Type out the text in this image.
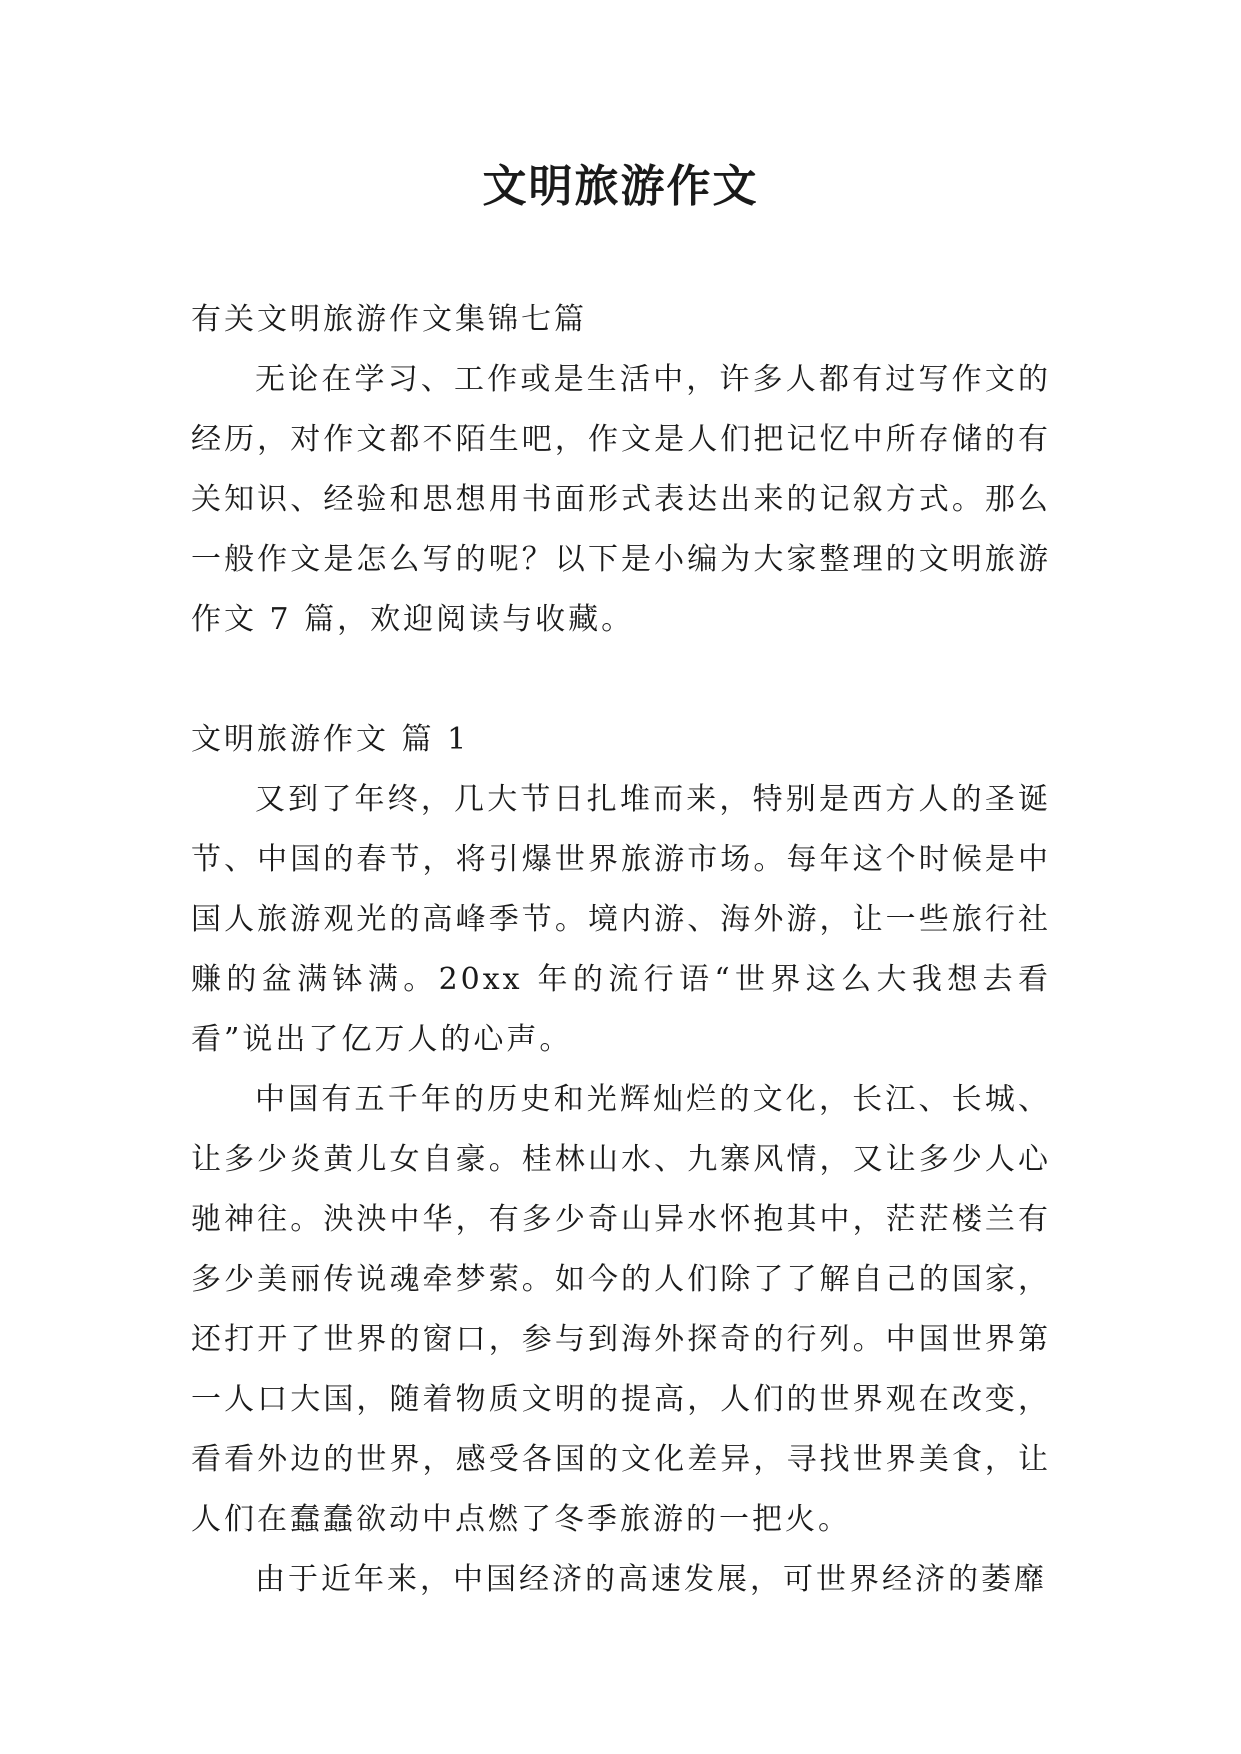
文明旅游作文

有关文明旅游作文集锦七篇

无论在学习、工作或是生活中，许多人都有过写作文的经历，对作文都不陌生吧，作文是人们把记忆中所存储的有关知识、经验和思想用书面形式表达出来的记叙方式。那么一般作文是怎么写的呢？以下是小编为大家整理的文明旅游作文 7 篇，欢迎阅读与收藏。

文明旅游作文 篇 1

又到了年终，几大节日扎堆而来，特别是西方人的圣诞节、中国的春节，将引爆世界旅游市场。每年这个时候是中国人旅游观光的高峰季节。境内游、海外游，让一些旅行社赚的盆满钵满。20xx 年的流行语“世界这么大我想去看看”说出了亿万人的心声。

中国有五千年的历史和光辉灿烂的文化，长江、长城、让多少炎黄儿女自豪。桂林山水、九寨风情，又让多少人心驰神往。泱泱中华，有多少奇山异水怀抱其中，茫茫楼兰有多少美丽传说魂牵梦萦。如今的人们除了了解自己的国家，还打开了世界的窗口，参与到海外探奇的行列。中国世界第一人口大国，随着物质文明的提高，人们的世界观在改变，看看外边的世界，感受各国的文化差异，寻找世界美食，让人们在蠢蠢欲动中点燃了冬季旅游的一把火。

由于近年来，中国经济的高速发展，可世界经济的萎靡
